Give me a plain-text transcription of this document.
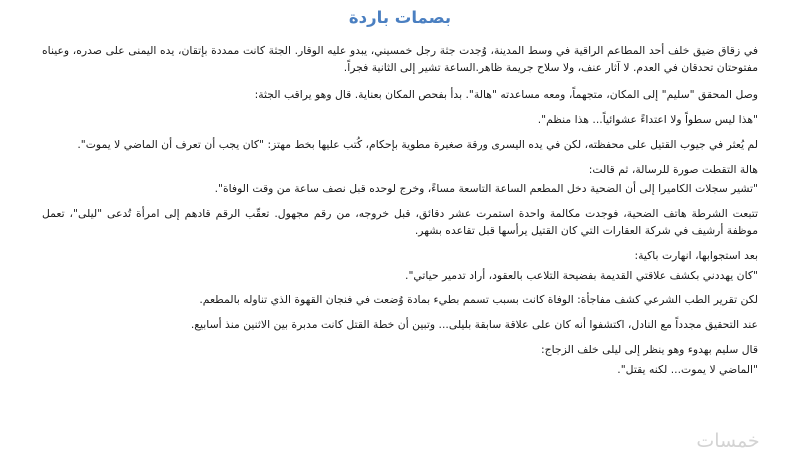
بصمات باردة
في زقاق ضيق خلف أحد المطاعم الراقية في وسط المدينة، وُجدت جثة رجل خمسيني، يبدو عليه الوقار. الجثة كانت ممددة بإتقان، يده اليمنى على صدره، وعيناه مفتوحتان تحدقان في العدم. لا آثار عنف، ولا سلاح جريمة ظاهر.الساعة تشير إلى الثانية فجراً.
وصل المحقق "سليم" إلى المكان، متجهماً، ومعه مساعدته "هالة". بدأ بفحص المكان بعناية. قال وهو يراقب الجثة:
"هذا ليس سطواً ولا اعتداءً عشوائياً... هذا منظم".
لم يُعثر في جيوب القتيل على محفظته، لكن في يده اليسرى ورقة صغيرة مطوية بإحكام، كُتب عليها بخط مهتز: "كان يجب أن تعرف أن الماضي لا يموت".
هالة التقطت صورة للرسالة، ثم قالت:
"تشير سجلات الكاميرا إلى أن الضحية دخل المطعم الساعة التاسعة مساءً، وخرج لوحده قبل نصف ساعة من وقت الوفاة".
تتبعت الشرطة هاتف الضحية، فوجدت مكالمة واحدة استمرت عشر دقائق، قبل خروجه، من رقم مجهول. تعقّب الرقم قادهم إلى امرأة تُدعى "ليلى"، تعمل موظفة أرشيف في شركة العقارات التي كان القتيل يرأسها قبل تقاعده بشهر.
بعد استجوابها، انهارت باكية:
"كان يهددني بكشف علاقتي القديمة بفضيحة التلاعب بالعقود، أراد تدمير حياتي".
لكن تقرير الطب الشرعي كشف مفاجأة: الوفاة كانت بسبب تسمم بطيء بمادة وُضعت في فنجان القهوة الذي تناوله بالمطعم.
عند التحقيق مجدداً مع النادل، اكتشفوا أنه كان على علاقة سابقة بليلى... وتبين أن خطة القتل كانت مدبرة بين الاثنين منذ أسابيع.
قال سليم بهدوء وهو ينظر إلى ليلى خلف الزجاج:
"الماضي لا يموت... لكنه يقتل".
خمسات
